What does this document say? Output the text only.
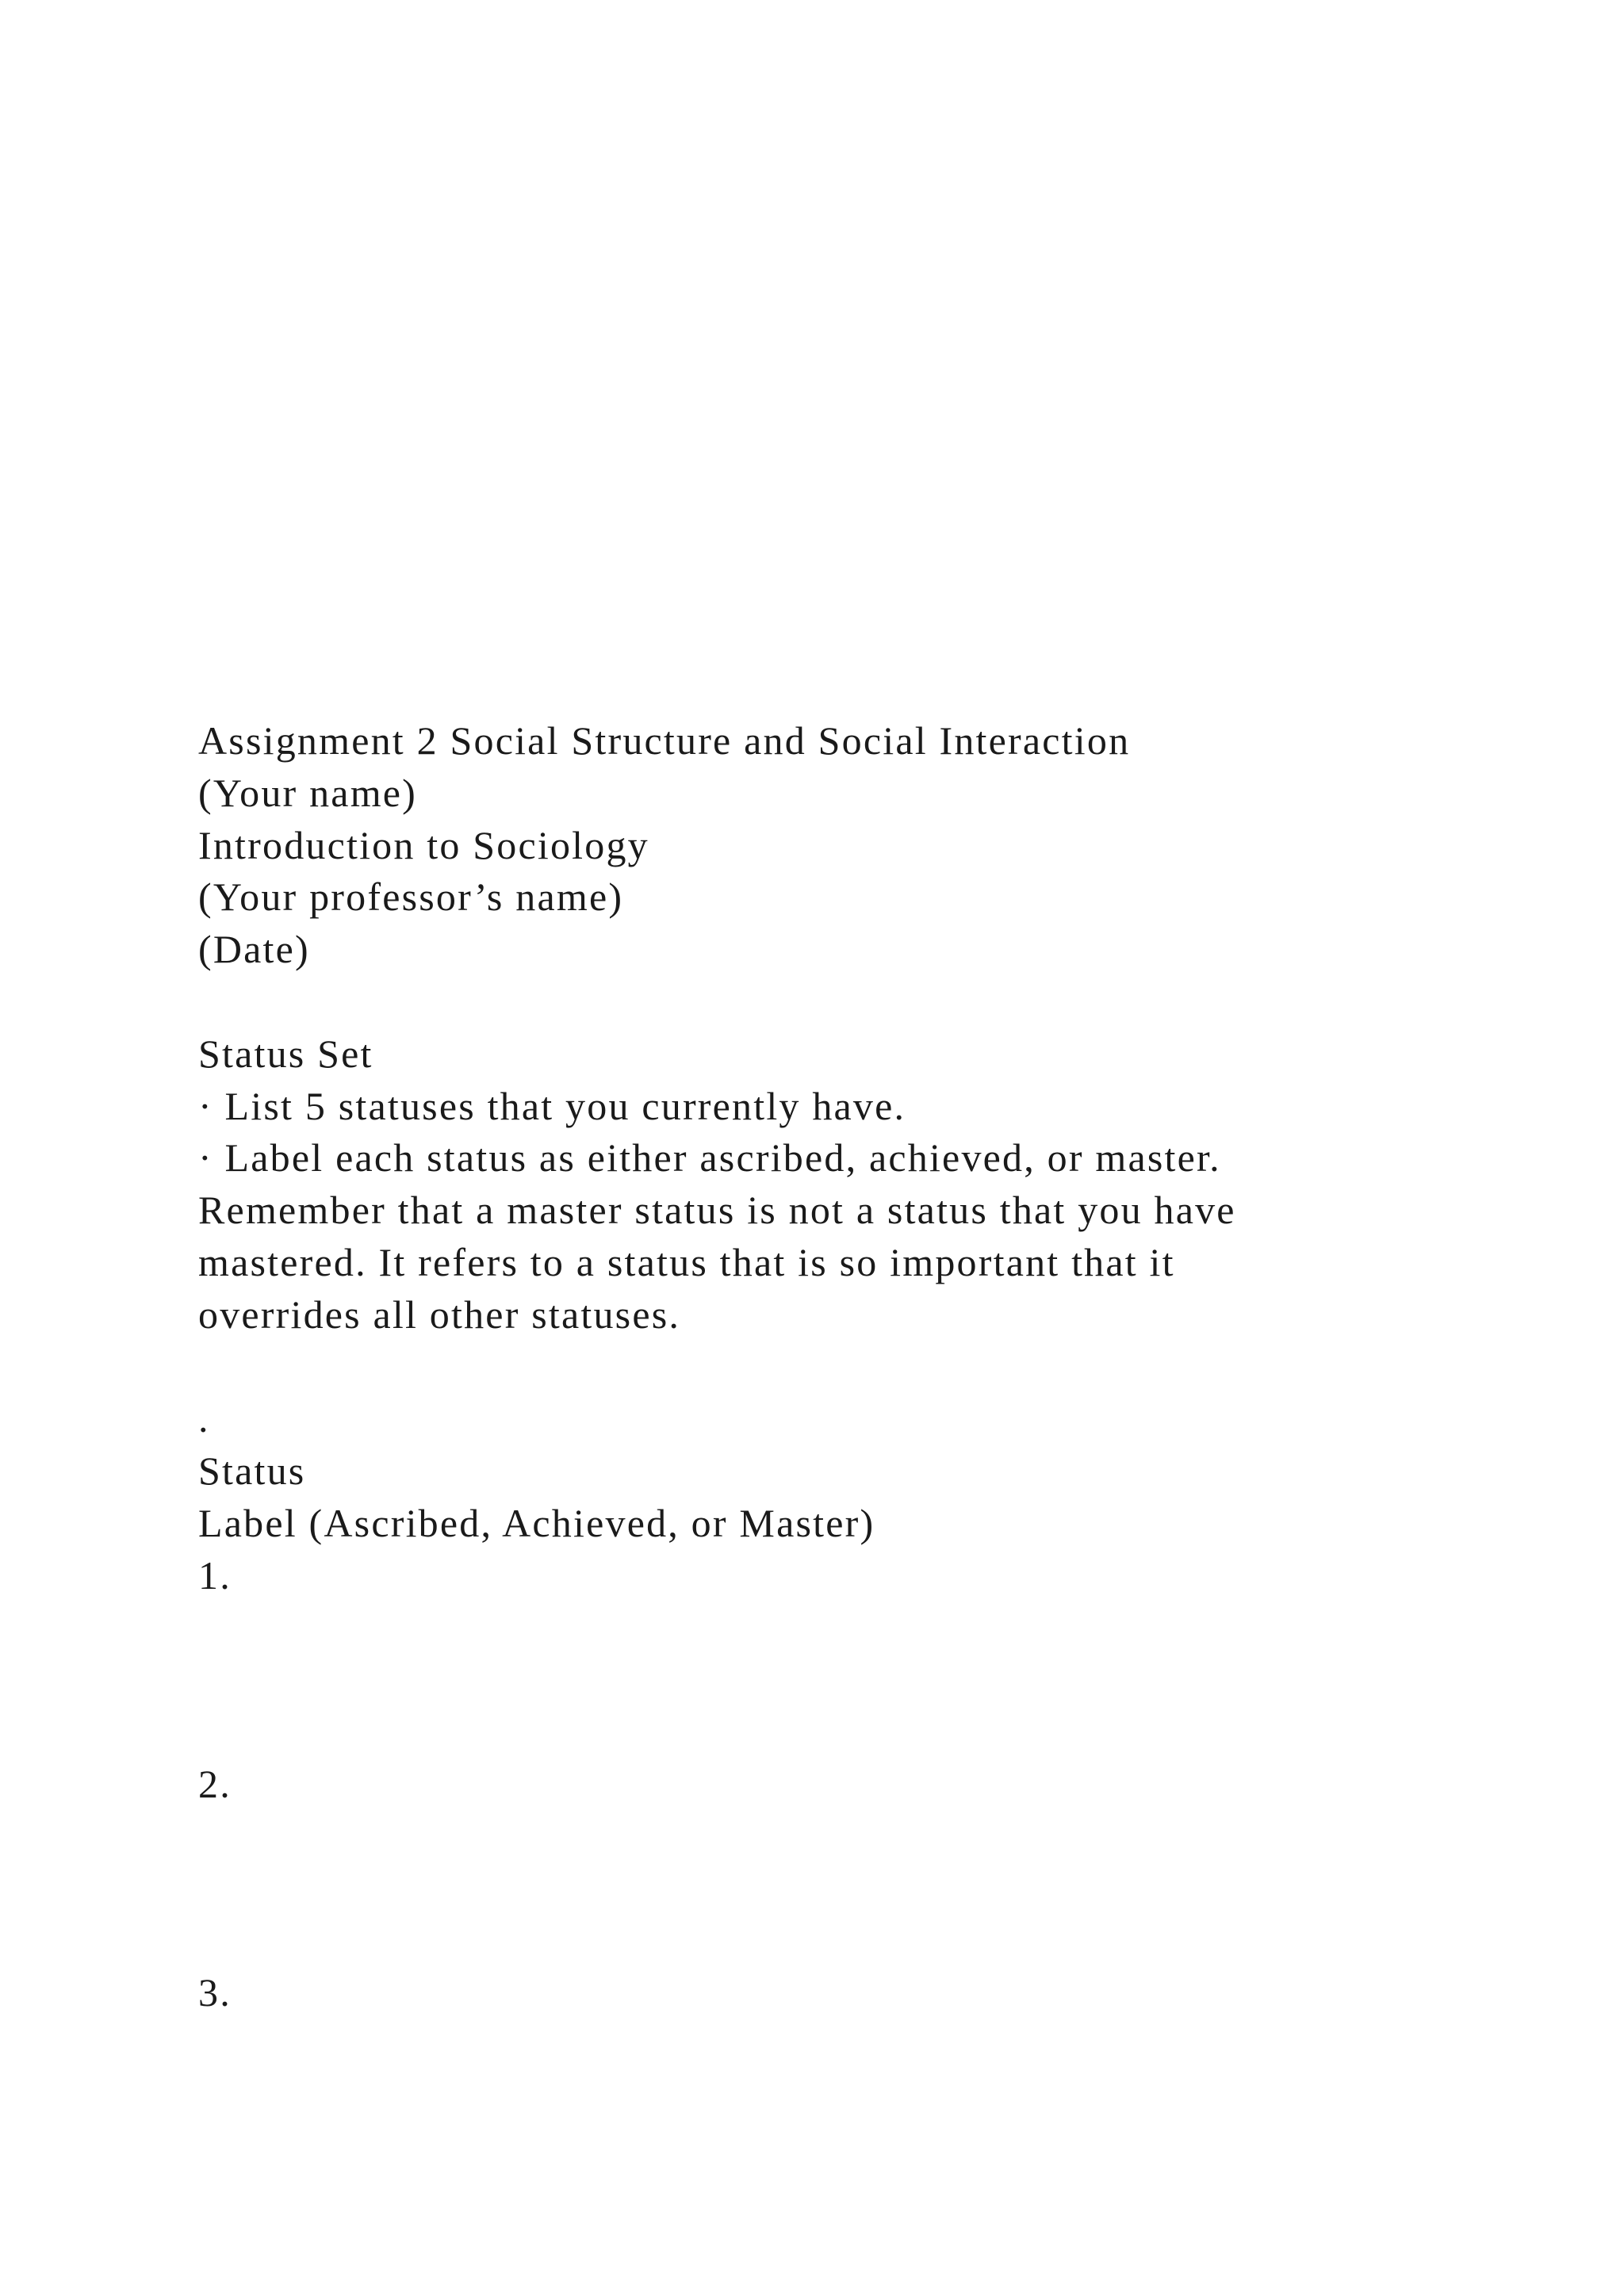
Assignment 2 Social Structure and Social Interaction
(Your name)
Introduction to Sociology
(Your professor’s name)
(Date)
Status Set
· List 5 statuses that you currently have.
· Label each status as either ascribed, achieved, or master.
Remember that a master status is not a status that you have
mastered. It refers to a status that is so important that it
overrides all other statuses.
.
Status
Label (Ascribed, Achieved, or Master)
1.
2.
3.
